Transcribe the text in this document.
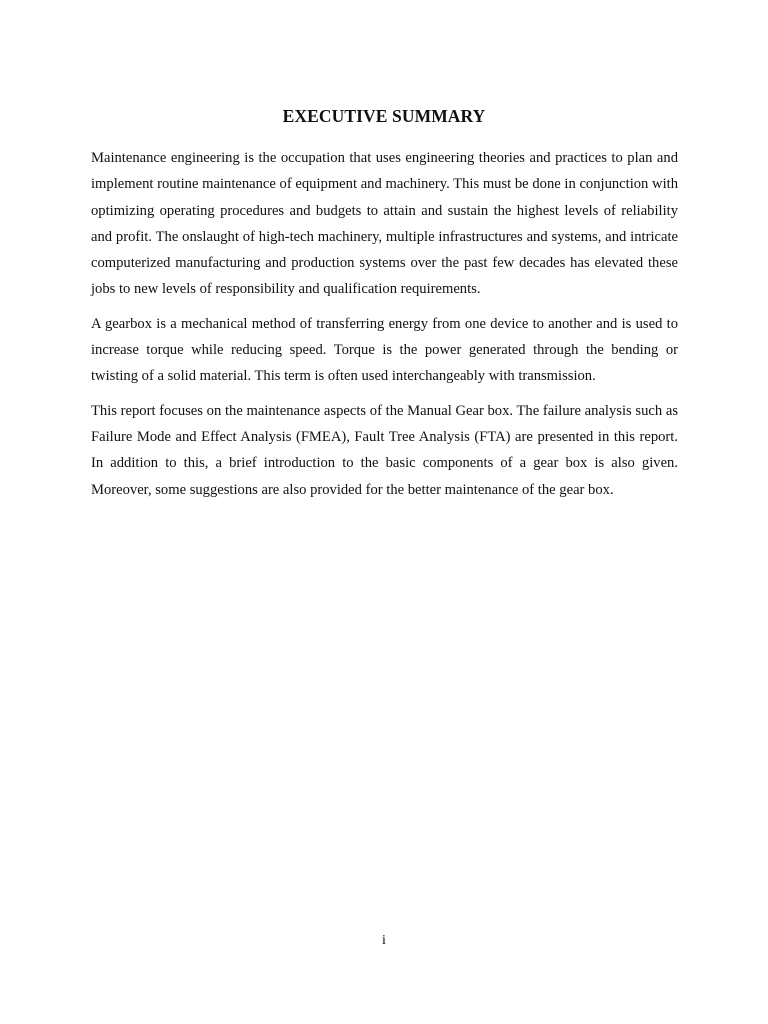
EXECUTIVE SUMMARY

Maintenance engineering is the occupation that uses engineering theories and practices to plan and implement routine maintenance of equipment and machinery. This must be done in conjunction with optimizing operating procedures and budgets to attain and sustain the highest levels of reliability and profit. The onslaught of high-tech machinery, multiple infrastructures and systems, and intricate computerized manufacturing and production systems over the past few decades has elevated these jobs to new levels of responsibility and qualification requirements.

A gearbox is a mechanical method of transferring energy from one device to another and is used to increase torque while reducing speed. Torque is the power generated through the bending or twisting of a solid material. This term is often used interchangeably with transmission.

This report focuses on the maintenance aspects of the Manual Gear box. The failure analysis such as Failure Mode and Effect Analysis (FMEA), Fault Tree Analysis (FTA) are presented in this report. In addition to this, a brief introduction to the basic components of a gear box is also given. Moreover, some suggestions are also provided for the better maintenance of the gear box.

i
